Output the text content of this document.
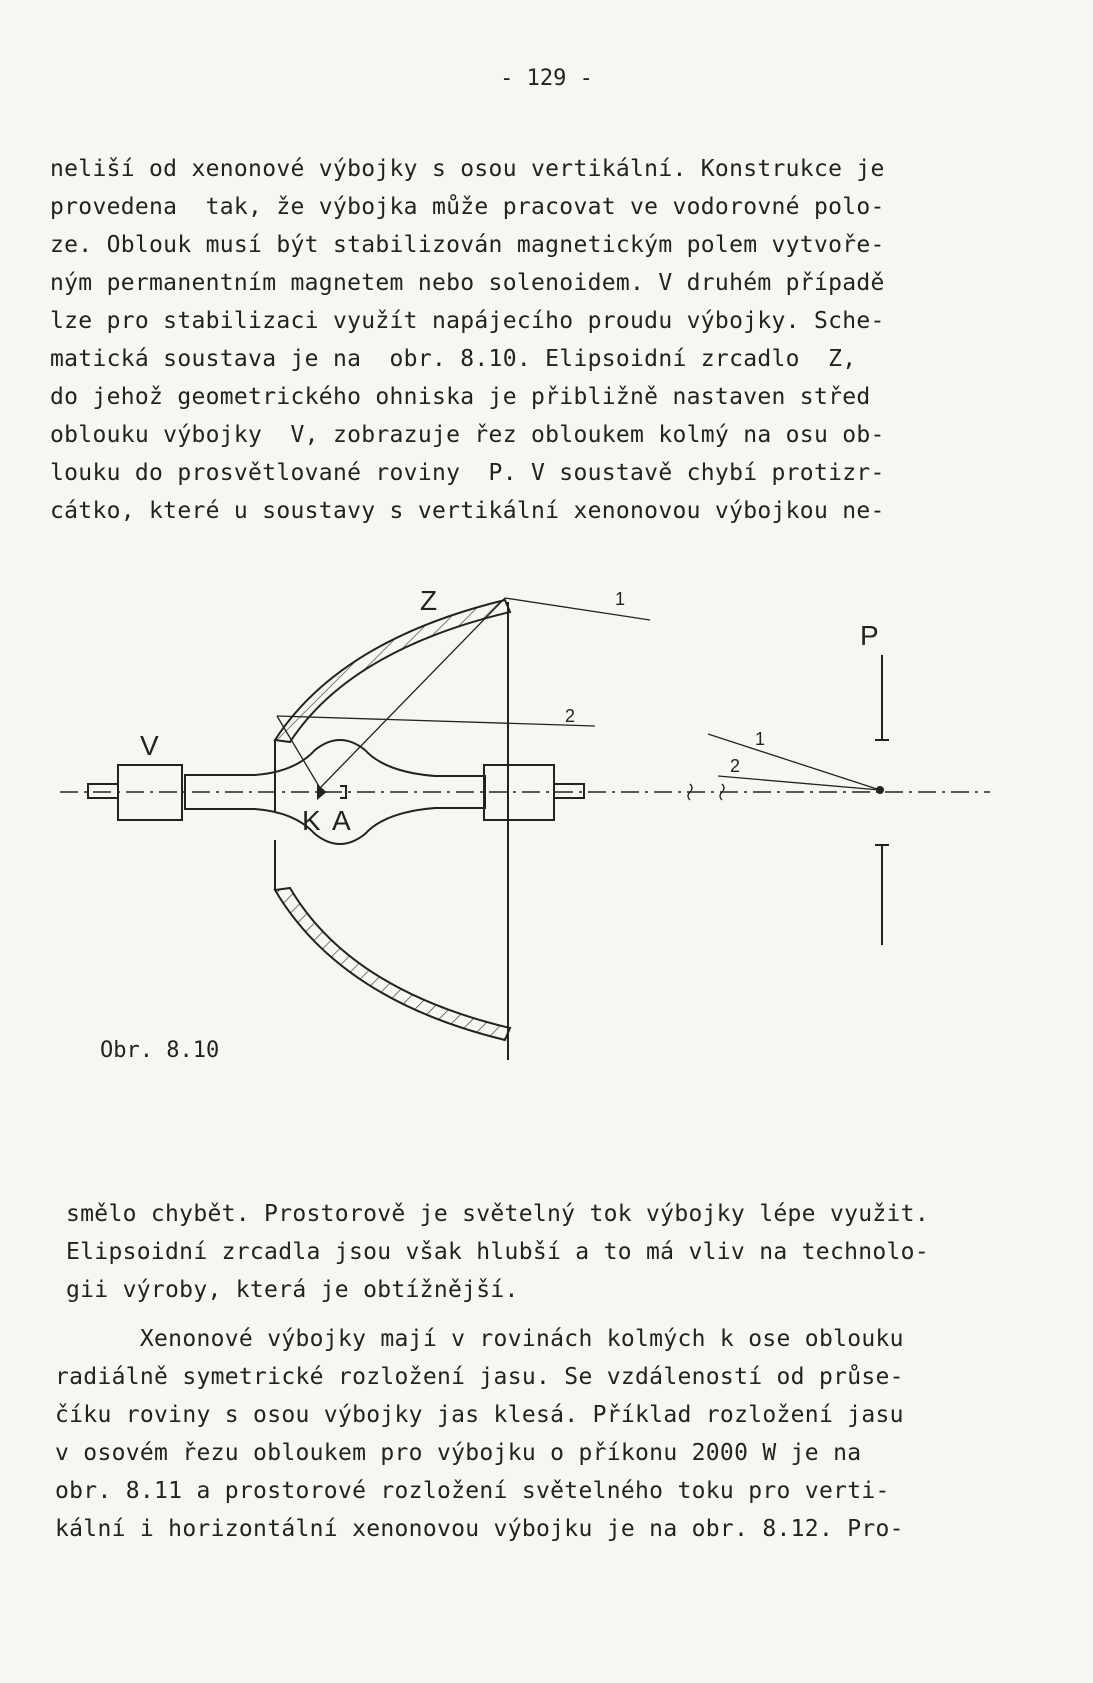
- 129 -
neliší od xenonové výbojky s osou vertikální. Konstrukce je
provedena  tak, že výbojka může pracovat ve vodorovné polo-
ze. Oblouk musí být stabilizován magnetickým polem vytvoře-
ným permanentním magnetem nebo solenoidem. V druhém případě
lze pro stabilizaci využít napájecího proudu výbojky. Sche-
matická soustava je na  obr. 8.10. Elipsoidní zrcadlo  Z,
do jehož geometrického ohniska je přibližně nastaven střed
oblouku výbojky  V, zobrazuje řez obloukem kolmý na osu ob-
louku do prosvětlované roviny  P. V soustavě chybí protizr-
cátko, které u soustavy s vertikální xenonovou výbojkou ne-
Z
V
P
K A
1
2
1
2
Obr. 8.10
smělo chybět. Prostorově je světelný tok výbojky lépe využit.
Elipsoidní zrcadla jsou však hlubší a to má vliv na technolo-
gii výroby, která je obtížnější.
Xenonové výbojky mají v rovinách kolmých k ose oblouku
radiálně symetrické rozložení jasu. Se vzdáleností od průse-
číku roviny s osou výbojky jas klesá. Příklad rozložení jasu
v osovém řezu obloukem pro výbojku o příkonu 2000 W je na
obr. 8.11 a prostorové rozložení světelného toku pro verti-
kální i horizontální xenonovou výbojku je na obr. 8.12. Pro-
